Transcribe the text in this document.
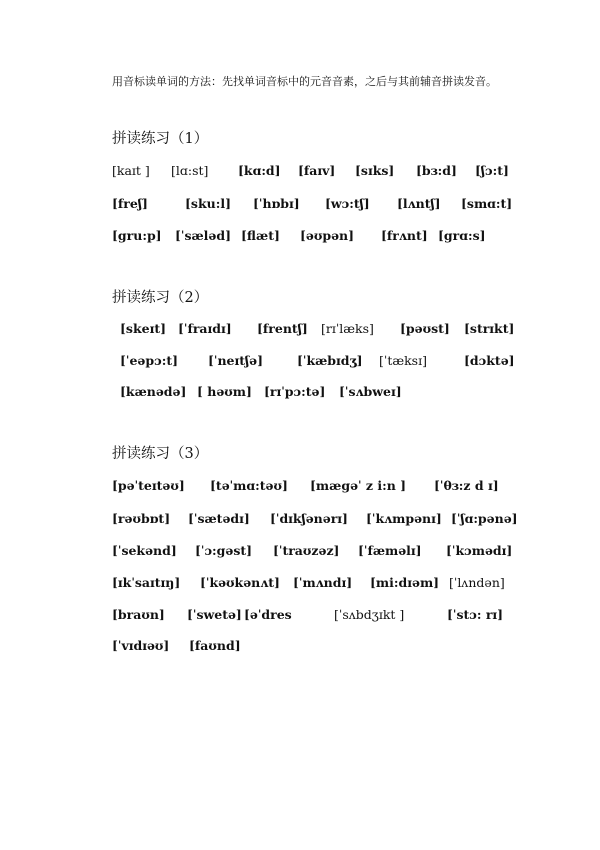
用音标读单词的方法：先找单词音标中的元音音素，之后与其前辅音拼读发音。
拼读练习（1）
[kaɪt ] [lɑ:st] [kɑ:d] [faɪv] [sɪks] [bɜ:d] [ʃɔ:t]
[freʃ]	[sku:l] [ˈhɒbɪ] [wɔ:tʃ] [lʌntʃ] [smɑ:t]
[gru:p] [ˈsæləd] [flæt] [əʊpən] [frʌnt] [grɑ:s]
拼读练习（2）
[skeɪt] [ˈfraɪdɪ] [frentʃ] [rɪˈlæks] [pəʊst] [strɪkt]
[ˈeəpɔ:t] [ˈneɪtʃə]	[ˈkæbɪdʒ] [ˈtæksɪ]	[dɔktə]
[kænədə] [ həʊm] [rɪˈpɔ:tə] [ˈsʌbweɪ]
拼读练习（3）
[pəˈteɪtəʊ] [təˈmɑ:təʊ] [mægəˈ z i:n ] [ˈθɜ:z d ɪ]
[rəʊbɒt] [ˈsætədɪ] [ˈdɪkʃənərɪ] [ˈkʌmpənɪ] [ˈʃɑ:pənə]
[ˈsekənd] [ˈɔ:gəst] [ˈtraʊzəz] [ˈfæməlɪ] [ˈkɔmədɪ]
[ɪkˈsaɪtɪŋ] [ˈkəʊkənʌt] [ˈmʌndɪ] [mi:dɪəm] [ˈlʌndən]
[braʊn] [ˈswetə] [əˈdres	[ˈsʌbdʒɪkt ]	[ˈstɔ: rɪ]
[ˈvɪdɪəʊ] [faʊnd]
